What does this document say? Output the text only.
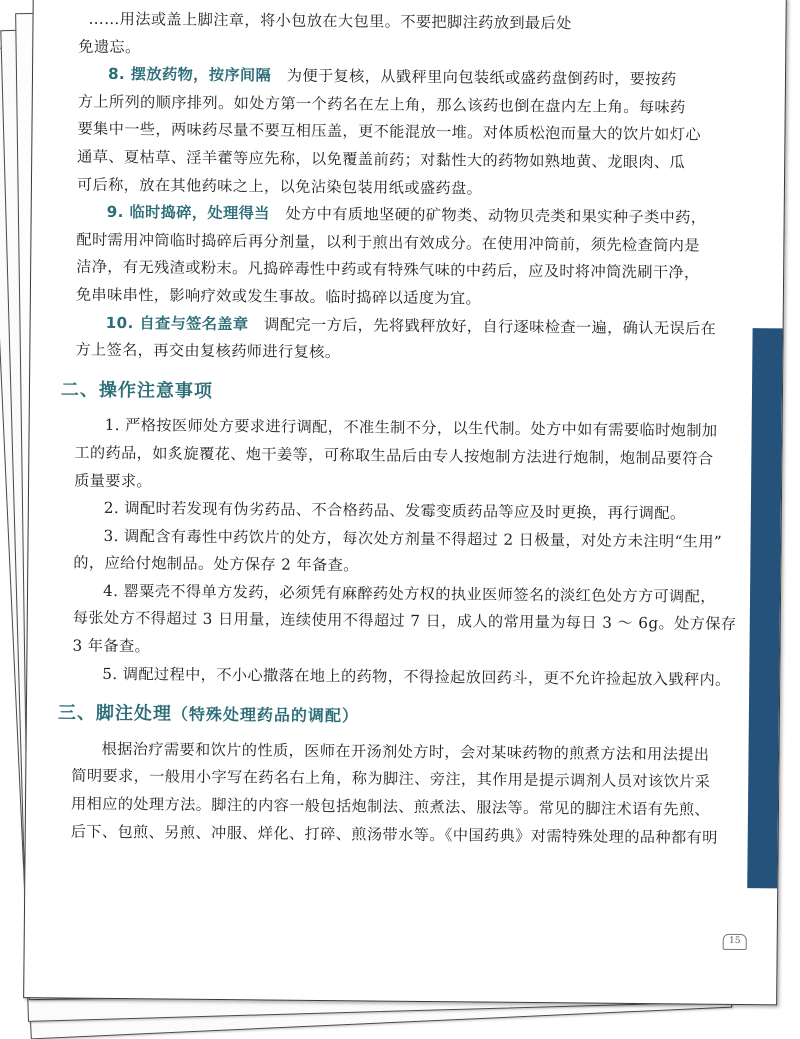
……用法或盖上脚注章，将小包放在大包里。不要把脚注药放到最后处

免遗忘。

8. 摆放药物，按序间隔 为便于复核，从戥秤里向包装纸或盛药盘倒药时，要按药

方上所列的顺序排列。如处方第一个药名在左上角，那么该药也倒在盘内左上角。每味药

要集中一些，两味药尽量不要互相压盖，更不能混放一堆。对体质松泡而量大的饮片如灯心

通草、夏枯草、淫羊藿等应先称，以免覆盖前药；对黏性大的药物如熟地黄、龙眼肉、瓜

可后称，放在其他药味之上，以免沾染包装用纸或盛药盘。

9. 临时捣碎，处理得当 处方中有质地坚硬的矿物类、动物贝壳类和果实种子类中药，

配时需用冲筒临时捣碎后再分剂量，以利于煎出有效成分。在使用冲筒前，须先检查筒内是

洁净，有无残渣或粉末。凡捣碎毒性中药或有特殊气味的中药后，应及时将冲筒洗刷干净，

免串味串性，影响疗效或发生事故。临时捣碎以适度为宜。

10. 自查与签名盖章 调配完一方后，先将戥秤放好，自行逐味检查一遍，确认无误后在

方上签名，再交由复核药师进行复核。

二、操作注意事项

1. 严格按医师处方要求进行调配，不准生制不分，以生代制。处方中如有需要临时炮制加

工的药品，如炙旋覆花、炮干姜等，可称取生品后由专人按炮制方法进行炮制，炮制品要符合

质量要求。

2. 调配时若发现有伪劣药品、不合格药品、发霉变质药品等应及时更换，再行调配。

3. 调配含有毒性中药饮片的处方，每次处方剂量不得超过 2 日极量，对处方未注明“生用”

的，应给付炮制品。处方保存 2 年备查。

4. 罂粟壳不得单方发药，必须凭有麻醉药处方权的执业医师签名的淡红色处方方可调配，

每张处方不得超过 3 日用量，连续使用不得超过 7 日，成人的常用量为每日 3 ～ 6g。处方保存

3 年备查。

5. 调配过程中，不小心撒落在地上的药物，不得捡起放回药斗，更不允许捡起放入戥秤内。

三、脚注处理（特殊处理药品的调配）

根据治疗需要和饮片的性质，医师在开汤剂处方时，会对某味药物的煎煮方法和用法提出

简明要求，一般用小字写在药名右上角，称为脚注、旁注，其作用是提示调剂人员对该饮片采

用相应的处理方法。脚注的内容一般包括炮制法、煎煮法、服法等。常见的脚注术语有先煎、

后下、包煎、另煎、冲服、烊化、打碎、煎汤带水等。《中国药典》对需特殊处理的品种都有明

15
